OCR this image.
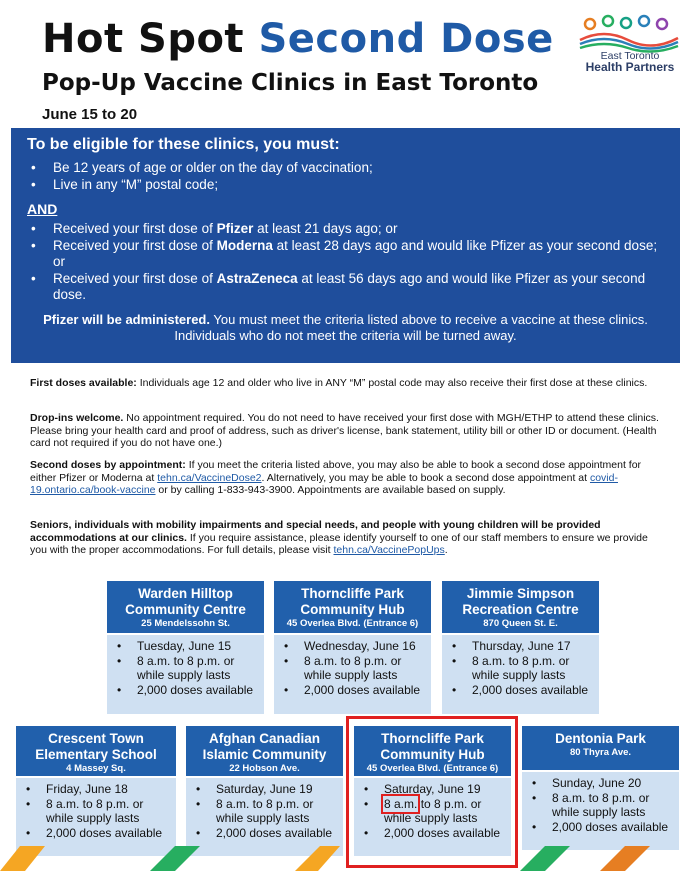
Hot Spot Second Dose
Pop-Up Vaccine Clinics in East Toronto
June 15 to 20
East Toronto
Health Partners
To be eligible for these clinics, you must:
• Be 12 years of age or older on the day of vaccination;
• Live in any “M” postal code;
AND
• Received your first dose of Pfizer at least 21 days ago; or
• Received your first dose of Moderna at least 28 days ago and would like Pfizer as your second dose; or
• Received your first dose of AstraZeneca at least 56 days ago and would like Pfizer as your second dose.
Pfizer will be administered. You must meet the criteria listed above to receive a vaccine at these clinics. Individuals who do not meet the criteria will be turned away.
First doses available: Individuals age 12 and older who live in ANY “M” postal code may also receive their first dose at these clinics.
Drop-ins welcome. No appointment required. You do not need to have received your first dose with MGH/ETHP to attend these clinics. Please bring your health card and proof of address, such as driver's license, bank statement, utility bill or other ID or document. (Health card not required if you do not have one.)
Second doses by appointment: If you meet the criteria listed above, you may also be able to book a second dose appointment for either Pfizer or Moderna at tehn.ca/VaccineDose2. Alternatively, you may be able to book a second dose appointment at covid-19.ontario.ca/book-vaccine or by calling 1-833-943-3900. Appointments are available based on supply.
Seniors, individuals with mobility impairments and special needs, and people with young children will be provided accommodations at our clinics. If you require assistance, please identify yourself to one of our staff members to ensure we provide you with the proper accommodations. For full details, please visit tehn.ca/VaccinePopUps.
Warden Hilltop
Community Centre
25 Mendelssohn St.
• Tuesday, June 15
• 8 a.m. to 8 p.m. or while supply lasts
• 2,000 doses available
Thorncliffe Park
Community Hub
45 Overlea Blvd. (Entrance 6)
• Wednesday, June 16
• 8 a.m. to 8 p.m. or while supply lasts
• 2,000 doses available
Jimmie Simpson
Recreation Centre
870 Queen St. E.
• Thursday, June 17
• 8 a.m. to 8 p.m. or while supply lasts
• 2,000 doses available
Crescent Town
Elementary School
4 Massey Sq.
• Friday, June 18
• 8 a.m. to 8 p.m. or while supply lasts
• 2,000 doses available
Afghan Canadian
Islamic Community
22 Hobson Ave.
• Saturday, June 19
• 8 a.m. to 8 p.m. or while supply lasts
• 2,000 doses available
Thorncliffe Park
Community Hub
45 Overlea Blvd. (Entrance 6)
• Saturday, June 19
• 8 a.m. to 8 p.m. or while supply lasts
• 2,000 doses available
Dentonia Park
80 Thyra Ave.
• Sunday, June 20
• 8 a.m. to 8 p.m. or while supply lasts
• 2,000 doses available
